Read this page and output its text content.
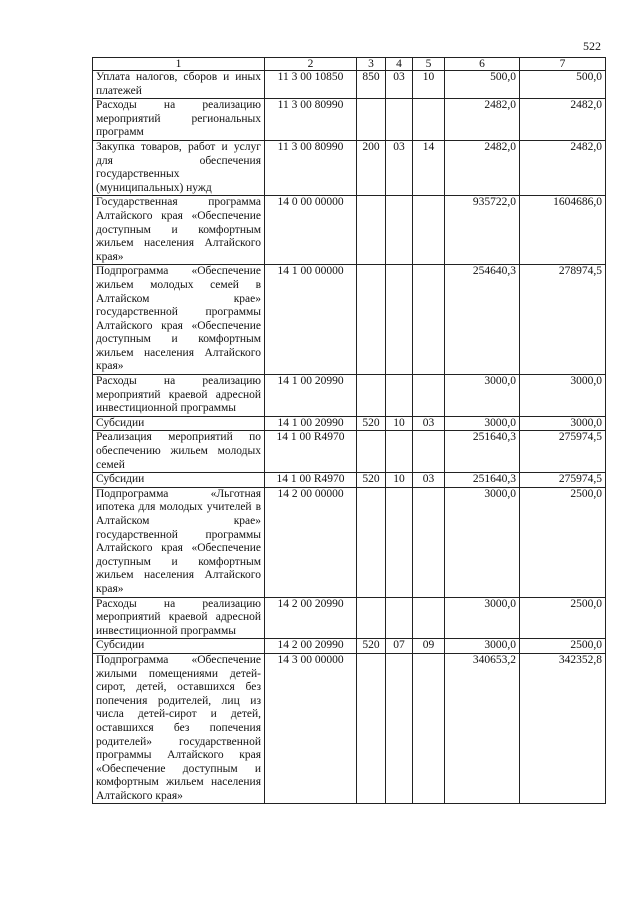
522
1	2	3	4	5	6	7
Уплата налогов, сборов и иных платежей	11 3 00 10850	850	03	10	500,0	500,0
Расходы на реализацию мероприятий региональных программ	11 3 00 80990				2482,0	2482,0
Закупка товаров, работ и услуг для обеспечения государственных (муниципальных) нужд	11 3 00 80990	200	03	14	2482,0	2482,0
Государственная программа Алтайского края «Обеспечение доступным и комфортным жильем населения Алтайского края»	14 0 00 00000				935722,0	1604686,0
Подпрограмма «Обеспечение жильем молодых семей в Алтайском крае» государственной программы Алтайского края «Обеспечение доступным и комфортным жильем населения Алтайского края»	14 1 00 00000				254640,3	278974,5
Расходы на реализацию мероприятий краевой адресной инвестиционной программы	14 1 00 20990				3000,0	3000,0
Субсидии	14 1 00 20990	520	10	03	3000,0	3000,0
Реализация мероприятий по обеспечению жильем молодых семей	14 1 00 R4970				251640,3	275974,5
Субсидии	14 1 00 R4970	520	10	03	251640,3	275974,5
Подпрограмма «Льготная ипотека для молодых учителей в Алтайском крае» государственной программы Алтайского края «Обеспечение доступным и комфортным жильем населения Алтайского края»	14 2 00 00000				3000,0	2500,0
Расходы на реализацию мероприятий краевой адресной инвестиционной программы	14 2 00 20990				3000,0	2500,0
Субсидии	14 2 00 20990	520	07	09	3000,0	2500,0
Подпрограмма «Обеспечение жилыми помещениями детей-сирот, детей, оставшихся без попечения родителей, лиц из числа детей-сирот и детей, оставшихся без попечения родителей» государственной программы Алтайского края «Обеспечение доступным и комфортным жильем населения Алтайского края»	14 3 00 00000				340653,2	342352,8
